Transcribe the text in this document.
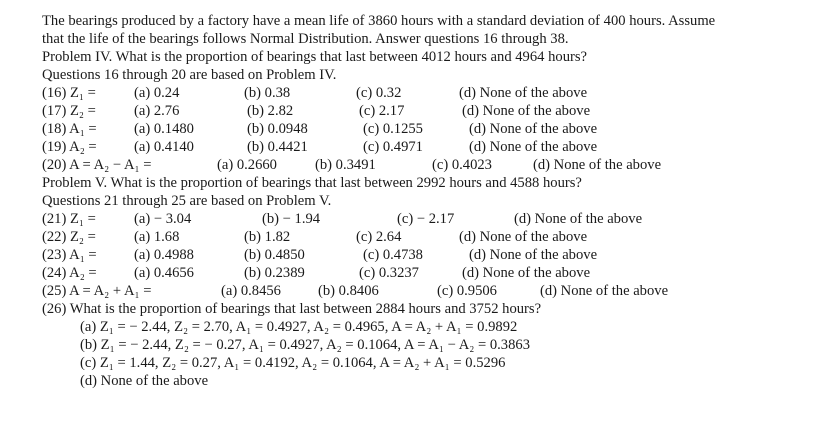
The bearings produced by a factory have a mean life of 3860 hours with a standard deviation of 400 hours. Assume
that the life of the bearings follows Normal Distribution. Answer questions 16 through 38.
Problem IV. What is the proportion of bearings that last between 4012 hours and 4964 hours?
Questions 16 through 20 are based on Problem IV.
(16) Z₁ =	(a) 0.24	(b) 0.38	(c) 0.32	(d) None of the above
(17) Z₂ =	(a) 2.76	(b) 2.82	(c) 2.17	(d) None of the above
(18) A₁ =	(a) 0.1480	(b) 0.0948	(c) 0.1255	(d) None of the above
(19) A₂ =	(a) 0.4140	(b) 0.4421	(c) 0.4971	(d) None of the above
(20) A = A₂ − A₁ =	(a) 0.2660	(b) 0.3491	(c) 0.4023	(d) None of the above
Problem V. What is the proportion of bearings that last between 2992 hours and 4588 hours?
Questions 21 through 25 are based on Problem V.
(21) Z₁ =	(a) − 3.04	(b) − 1.94	(c) − 2.17	(d) None of the above
(22) Z₂ =	(a) 1.68	(b) 1.82	(c) 2.64	(d) None of the above
(23) A₁ =	(a) 0.4988	(b) 0.4850	(c) 0.4738	(d) None of the above
(24) A₂ =	(a) 0.4656	(b) 0.2389	(c) 0.3237	(d) None of the above
(25) A = A₂ + A₁ =	(a) 0.8456	(b) 0.8406	(c) 0.9506	(d) None of the above
(26) What is the proportion of bearings that last between 2884 hours and 3752 hours?
(a) Z₁ = − 2.44, Z₂ = 2.70, A₁ = 0.4927, A₂ = 0.4965, A = A₂ + A₁ = 0.9892
(b) Z₁ = − 2.44, Z₂ = − 0.27, A₁ = 0.4927, A₂ = 0.1064, A = A₁ − A₂ = 0.3863
(c) Z₁ = 1.44, Z₂ = 0.27, A₁ = 0.4192, A₂ = 0.1064, A = A₂ + A₁ = 0.5296
(d) None of the above
